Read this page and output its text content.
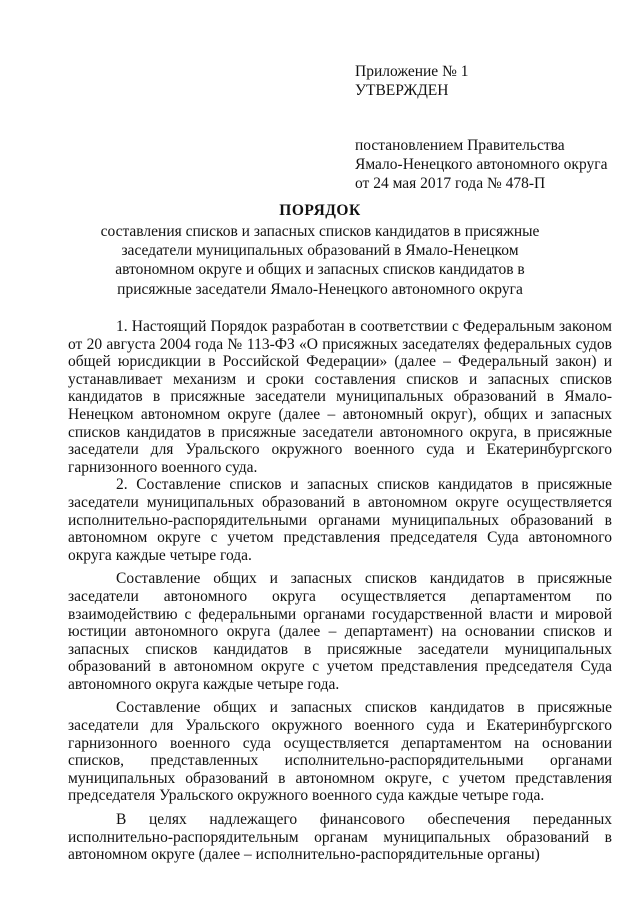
Приложение № 1
УТВЕРЖДЕН
постановлением Правительства
Ямало-Ненецкого автономного округа
от 24 мая 2017 года № 478-П
ПОРЯДОК
составления списков и запасных списков кандидатов в присяжные заседатели муниципальных образований в Ямало-Ненецком автономном округе и общих и запасных списков кандидатов в присяжные заседатели Ямало-Ненецкого автономного округа

1. Настоящий Порядок разработан в соответствии с Федеральным законом от 20 августа 2004 года № 113-ФЗ «О присяжных заседателях федеральных судов общей юрисдикции в Российской Федерации» (далее – Федеральный закон) и устанавливает механизм и сроки составления списков и запасных списков кандидатов в присяжные заседатели муниципальных образований в Ямало-Ненецком автономном округе (далее – автономный округ), общих и запасных списков кандидатов в присяжные заседатели автономного округа, в присяжные заседатели для Уральского окружного военного суда и Екатеринбургского гарнизонного военного суда.

2. Составление списков и запасных списков кандидатов в присяжные заседатели муниципальных образований в автономном округе осуществляется исполнительно-распорядительными органами муниципальных образований в автономном округе с учетом представления председателя Суда автономного округа каждые четыре года.

Составление общих и запасных списков кандидатов в присяжные заседатели автономного округа осуществляется департаментом по взаимодействию с федеральными органами государственной власти и мировой юстиции автономного округа (далее – департамент) на основании списков и запасных списков кандидатов в присяжные заседатели муниципальных образований в автономном округе с учетом представления председателя Суда автономного округа каждые четыре года.

Составление общих и запасных списков кандидатов в присяжные заседатели для Уральского окружного военного суда и Екатеринбургского гарнизонного военного суда осуществляется департаментом на основании списков, представленных исполнительно-распорядительными органами муниципальных образований в автономном округе, с учетом представления председателя Уральского окружного военного суда каждые четыре года.

В целях надлежащего финансового обеспечения переданных исполнительно-распорядительным органам муниципальных образований в автономном округе (далее – исполнительно-распорядительные органы)
